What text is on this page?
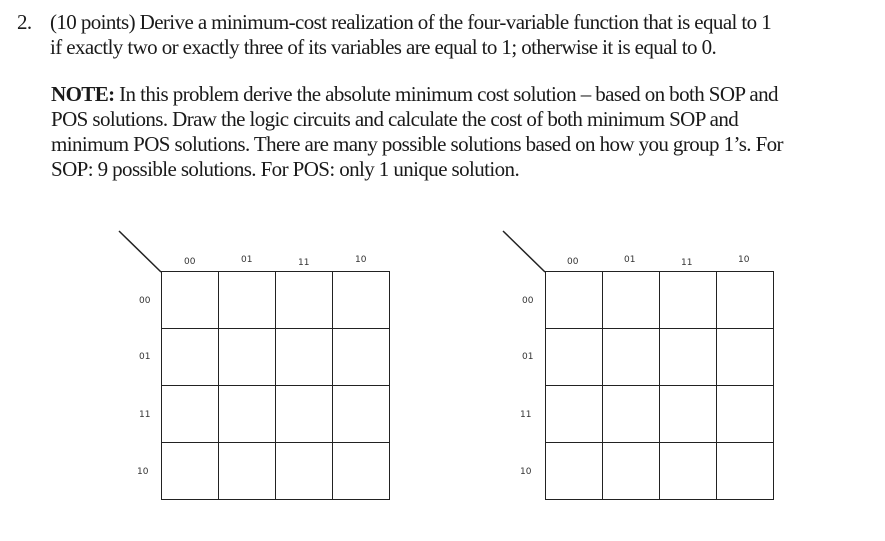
2. (10 points) Derive a minimum-cost realization of the four-variable function that is equal to 1
if exactly two or exactly three of its variables are equal to 1; otherwise it is equal to 0.
NOTE: In this problem derive the absolute minimum cost solution – based on both SOP and
POS solutions. Draw the logic circuits and calculate the cost of both minimum SOP and
minimum POS solutions. There are many possible solutions based on how you group 1’s. For
SOP: 9 possible solutions. For POS: only 1 unique solution.
00	01	11	10
00
01
11
10
00	01	11	10
00
01
11
10
